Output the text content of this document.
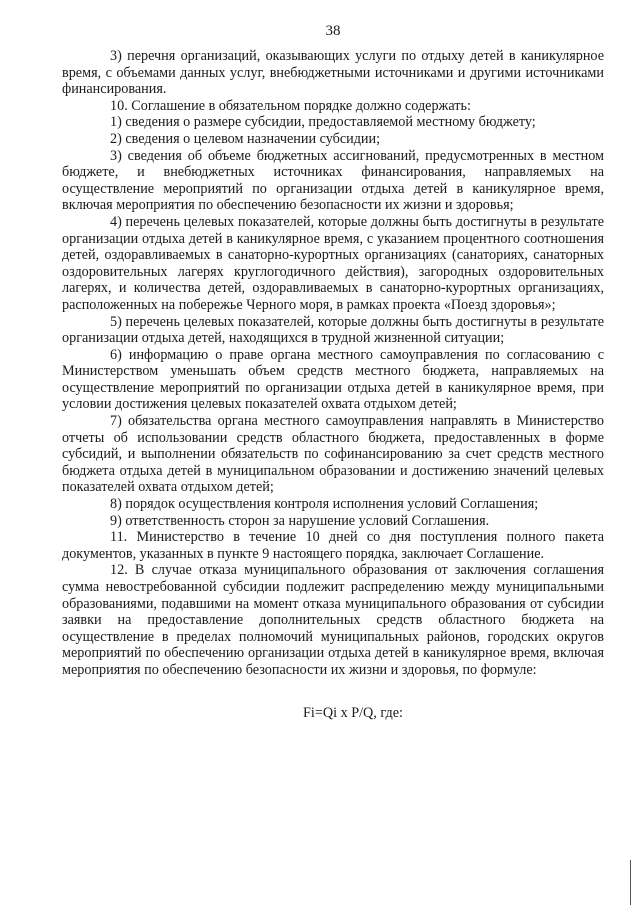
38

3) перечня организаций, оказывающих услуги по отдыху детей в каникулярное время, с объемами данных услуг, внебюджетными источниками и другими источниками финансирования.

10. Соглашение в обязательном порядке должно содержать:

1) сведения о размере субсидии, предоставляемой местному бюджету;

2) сведения о целевом назначении субсидии;

3) сведения об объеме бюджетных ассигнований, предусмотренных в местном бюджете, и внебюджетных источниках финансирования, направляемых на осуществление мероприятий по организации отдыха детей в каникулярное время, включая мероприятия по обеспечению безопасности их жизни и здоровья;

4) перечень целевых показателей, которые должны быть достигнуты в результате организации отдыха детей в каникулярное время, с указанием процентного соотношения детей, оздоравливаемых в санаторно-курортных организациях (санаториях, санаторных оздоровительных лагерях круглогодичного действия), загородных оздоровительных лагерях, и количества детей, оздоравливаемых в санаторно-курортных организациях, расположенных на побережье Черного моря, в рамках проекта «Поезд здоровья»;

5) перечень целевых показателей, которые должны быть достигнуты в результате организации отдыха детей, находящихся в трудной жизненной ситуации;

6) информацию о праве органа местного самоуправления по согласованию с Министерством уменьшать объем средств местного бюджета, направляемых на осуществление мероприятий по организации отдыха детей в каникулярное время, при условии достижения целевых показателей охвата отдыхом детей;

7) обязательства органа местного самоуправления направлять в Министерство отчеты об использовании средств областного бюджета, предоставленных в форме субсидий, и выполнении обязательств по софинансированию за счет средств местного бюджета отдыха детей в муниципальном образовании и достижению значений целевых показателей охвата отдыхом детей;

8) порядок осуществления контроля исполнения условий Соглашения;

9) ответственность сторон за нарушение условий Соглашения.

11. Министерство в течение 10 дней со дня поступления полного пакета документов, указанных в пункте 9 настоящего порядка, заключает Соглашение.

12. В случае отказа муниципального образования от заключения соглашения сумма невостребованной субсидии подлежит распределению между муниципальными образованиями, подавшими на момент отказа муниципального образования от субсидии заявки на предоставление дополнительных средств областного бюджета на осуществление в пределах полномочий муниципальных районов, городских округов мероприятий по обеспечению организации отдыха детей в каникулярное время, включая мероприятия по обеспечению безопасности их жизни и здоровья, по формуле:

Fi=Qi x P/Q, где:
